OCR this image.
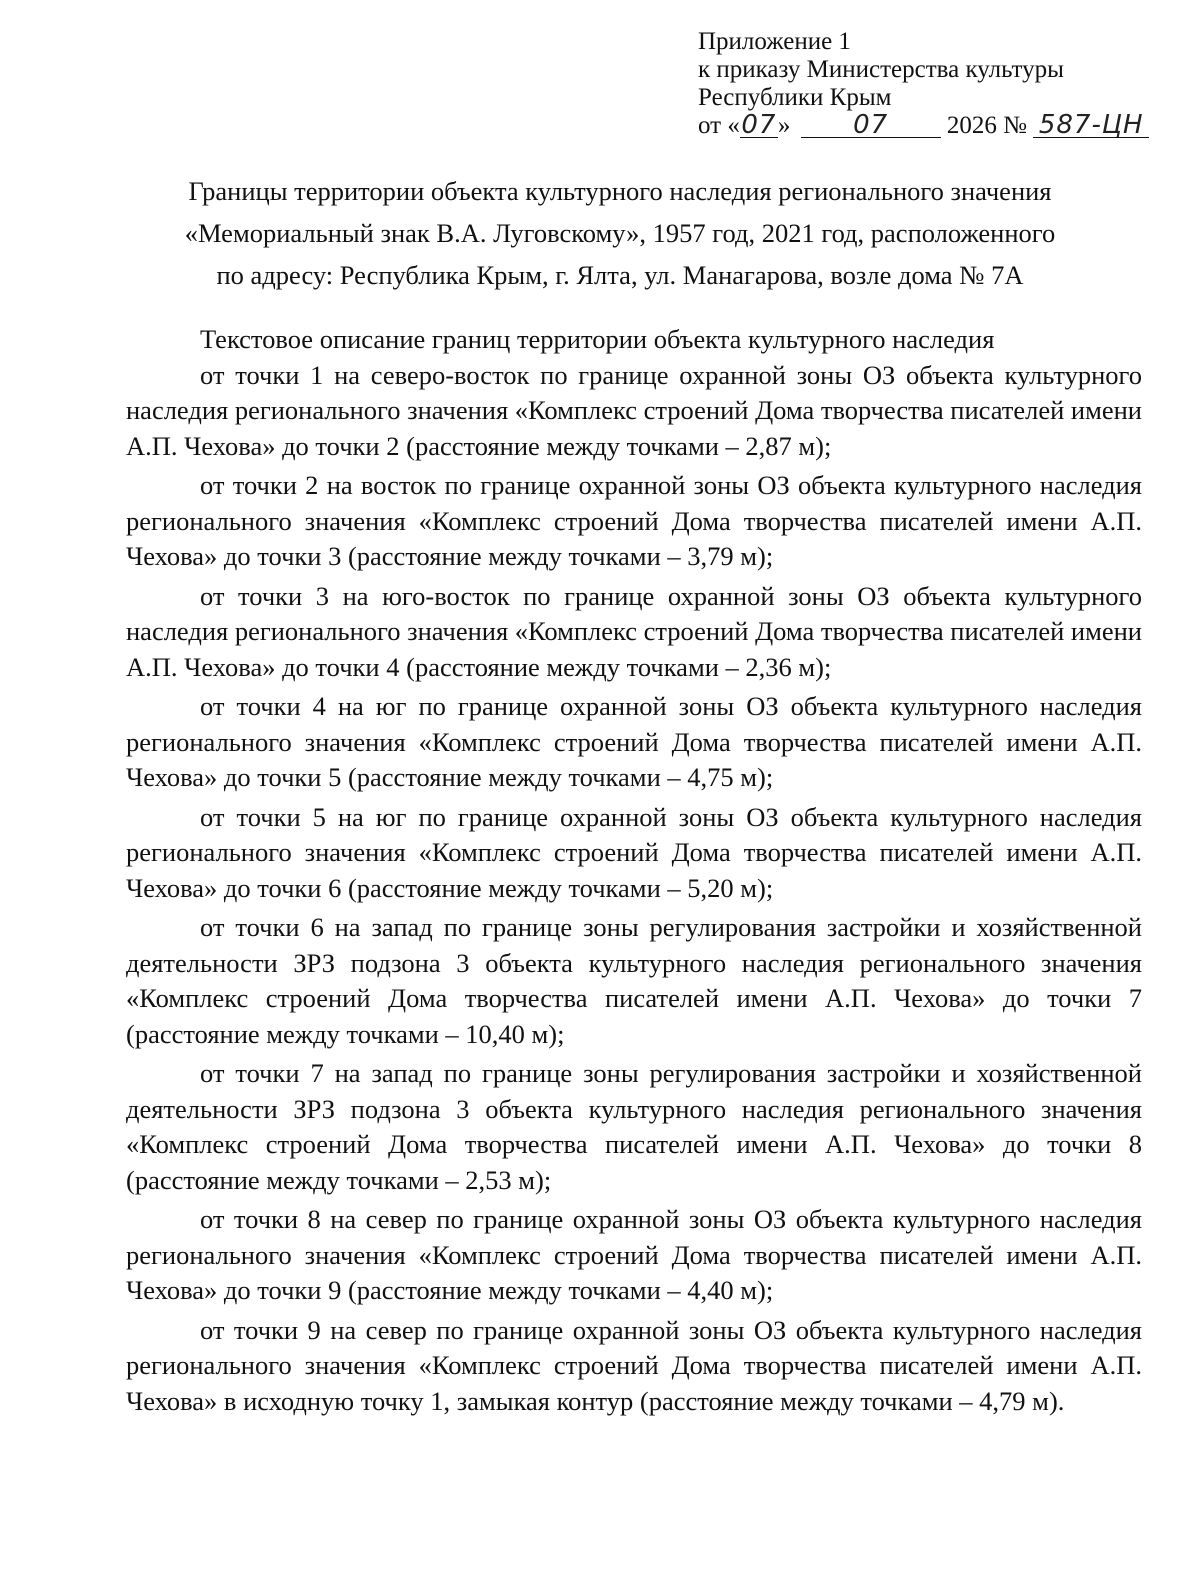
Приложение 1
к приказу Министерства культуры
Республики Крым
от «07» 07 2026 № 587-ЦН
Границы территории объекта культурного наследия регионального значения
«Мемориальный знак В.А. Луговскому», 1957 год, 2021 год, расположенного
по адресу: Республика Крым, г. Ялта, ул. Манагарова, возле дома № 7А

Текстовое описание границ территории объекта культурного наследия

от точки 1 на северо-восток по границе охранной зоны ОЗ объекта культурного наследия регионального значения «Комплекс строений Дома творчества писателей имени А.П. Чехова» до точки 2 (расстояние между точками – 2,87 м);

от точки 2 на восток по границе охранной зоны ОЗ объекта культурного наследия регионального значения «Комплекс строений Дома творчества писателей имени А.П. Чехова» до точки 3 (расстояние между точками – 3,79 м);

от точки 3 на юго-восток по границе охранной зоны ОЗ объекта культурного наследия регионального значения «Комплекс строений Дома творчества писателей имени А.П. Чехова» до точки 4 (расстояние между точками – 2,36 м);

от точки 4 на юг по границе охранной зоны ОЗ объекта культурного наследия регионального значения «Комплекс строений Дома творчества писателей имени А.П. Чехова» до точки 5 (расстояние между точками – 4,75 м);

от точки 5 на юг по границе охранной зоны ОЗ объекта культурного наследия регионального значения «Комплекс строений Дома творчества писателей имени А.П. Чехова» до точки 6 (расстояние между точками – 5,20 м);

от точки 6 на запад по границе зоны регулирования застройки и хозяйственной деятельности ЗРЗ подзона 3 объекта культурного наследия регионального значения «Комплекс строений Дома творчества писателей имени А.П. Чехова» до точки 7 (расстояние между точками – 10,40 м);

от точки 7 на запад по границе зоны регулирования застройки и хозяйственной деятельности ЗРЗ подзона 3 объекта культурного наследия регионального значения «Комплекс строений Дома творчества писателей имени А.П. Чехова» до точки 8 (расстояние между точками – 2,53 м);

от точки 8 на север по границе охранной зоны ОЗ объекта культурного наследия регионального значения «Комплекс строений Дома творчества писателей имени А.П. Чехова» до точки 9 (расстояние между точками – 4,40 м);

от точки 9 на север по границе охранной зоны ОЗ объекта культурного наследия регионального значения «Комплекс строений Дома творчества писателей имени А.П. Чехова» в исходную точку 1, замыкая контур (расстояние между точками – 4,79 м).
